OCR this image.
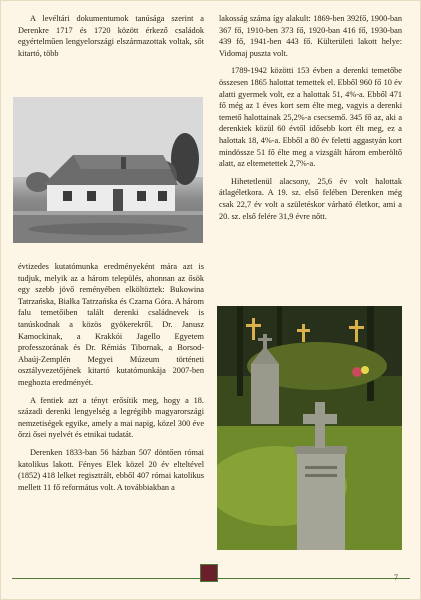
A levéltári dokumentumok tanúsága szerint a Derenkre 1717 és 1720 között érkező családok egyértelműen lengyelországi elszármazottak voltak, sőt kitartó, több

évtizedes kutatómunka eredményeként mára azt is tudjuk, melyik az a három település, ahonnan az ősök egy szebb jövő reményében elköltöztek: Bukowina Tatrzańska, Białka Tatrzańska és Czarna Góra. A három falu temetőiben talált derenki családnevek is tanúskodnak a közös gyökerekről. Dr. Janusz Kamockinak, a Krakkói Jagello Egyetem professzorának és Dr. Rémiás Tibornak, a Borsod-Abaúj-Zemplén Megyei Múzeum történeti osztályvezetőjének kitartó kutatómunkája 2007-ben meghozta eredményét.

A fentiek azt a tényt erősítik meg, hogy a 18. századi derenki lengyelség a legrégibb magyarországi nemzetiségek egyike, amely a mai napig, közel 300 éve őrzi ősei nyelvét és etnikai tudatát.

Derenken 1833-ban 56 házban 507 döntően római katolikus lakott. Fényes Elek közel 20 év elteltével (1852) 418 lelket regisztrált, ebből 407 római katolikus mellett 11 fő református volt. A továbbiakban a

lakosság száma így alakult: 1869-ben 392fő, 1900-ban 367 fő, 1910-ben 373 fő, 1920-ban 416 fő, 1930-ban 439 fő, 1941-ben 443 fő. Külterületi lakott helye: Vidomaj puszta volt.

1789-1942 közötti 153 évben a derenki temetőbe összesen 1865 halottat temettek el. Ebből 960 fő 10 év alatti gyermek volt, ez a halottak 51, 4%-a. Ebből 471 fő még az 1 éves kort sem élte meg, vagyis a derenki temető halottainak 25,2%-a csecsemő. 345 fő az, aki a derenkiek közül 60 évtől idősebb kort élt meg, ez a halottak 18, 4%-a. Ebből a 80 év feletti aggastyán kort mindössze 51 fő élte meg a vizsgált három emberöltő alatt, az eltemetettek 2,7%-a.

Hihetetlenül alacsony, 25,6 év volt halottak átlagéletkora. A 19. sz. első felében Derenken még csak 22,7 év volt a születéskor várható életkor, ami a 20. sz. első felére 31,9 évre nőtt.

7
